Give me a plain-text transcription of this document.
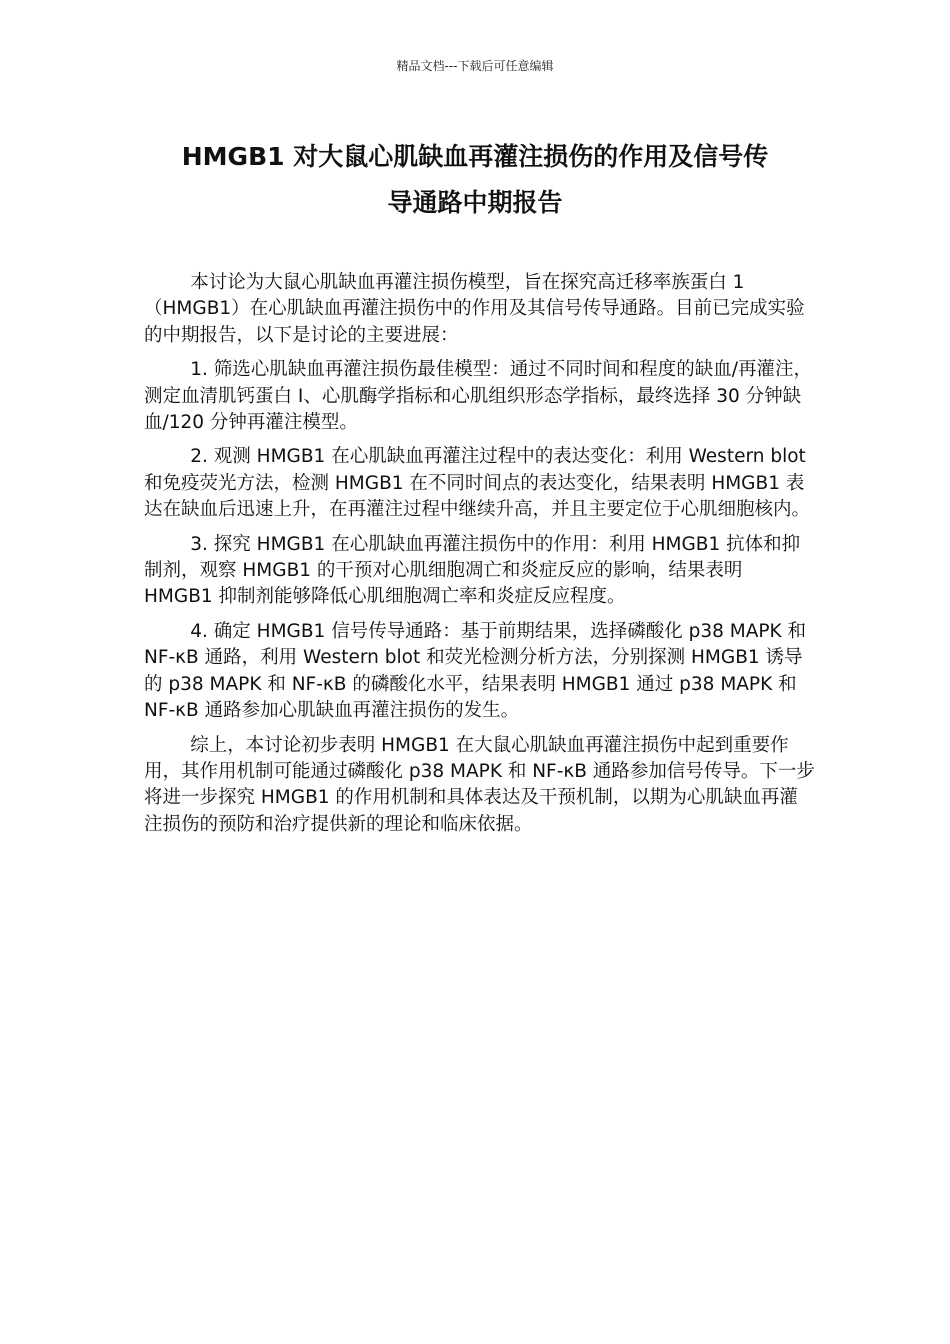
精品文档---下载后可任意编辑
HMGB1 对大鼠心肌缺血再灌注损伤的作用及信号传
导通路中期报告

本讨论为大鼠心肌缺血再灌注损伤模型，旨在探究高迁移率族蛋白 1（HMGB1）在心肌缺血再灌注损伤中的作用及其信号传导通路。目前已完成实验的中期报告，以下是讨论的主要进展：

1. 筛选心肌缺血再灌注损伤最佳模型：通过不同时间和程度的缺血/再灌注，测定血清肌钙蛋白 I、心肌酶学指标和心肌组织形态学指标，最终选择 30 分钟缺血/120 分钟再灌注模型。

2. 观测 HMGB1 在心肌缺血再灌注过程中的表达变化：利用 Western blot 和免疫荧光方法，检测 HMGB1 在不同时间点的表达变化，结果表明 HMGB1 表达在缺血后迅速上升，在再灌注过程中继续升高，并且主要定位于心肌细胞核内。

3. 探究 HMGB1 在心肌缺血再灌注损伤中的作用：利用 HMGB1 抗体和抑制剂，观察 HMGB1 的干预对心肌细胞凋亡和炎症反应的影响，结果表明 HMGB1 抑制剂能够降低心肌细胞凋亡率和炎症反应程度。

4. 确定 HMGB1 信号传导通路：基于前期结果，选择磷酸化 p38 MAPK 和 NF-κB 通路，利用 Western blot 和荧光检测分析方法，分别探测 HMGB1 诱导的 p38 MAPK 和 NF-κB 的磷酸化水平，结果表明 HMGB1 通过 p38 MAPK 和 NF-κB 通路参加心肌缺血再灌注损伤的发生。

综上，本讨论初步表明 HMGB1 在大鼠心肌缺血再灌注损伤中起到重要作用，其作用机制可能通过磷酸化 p38 MAPK 和 NF-κB 通路参加信号传导。下一步将进一步探究 HMGB1 的作用机制和具体表达及干预机制，以期为心肌缺血再灌注损伤的预防和治疗提供新的理论和临床依据。
